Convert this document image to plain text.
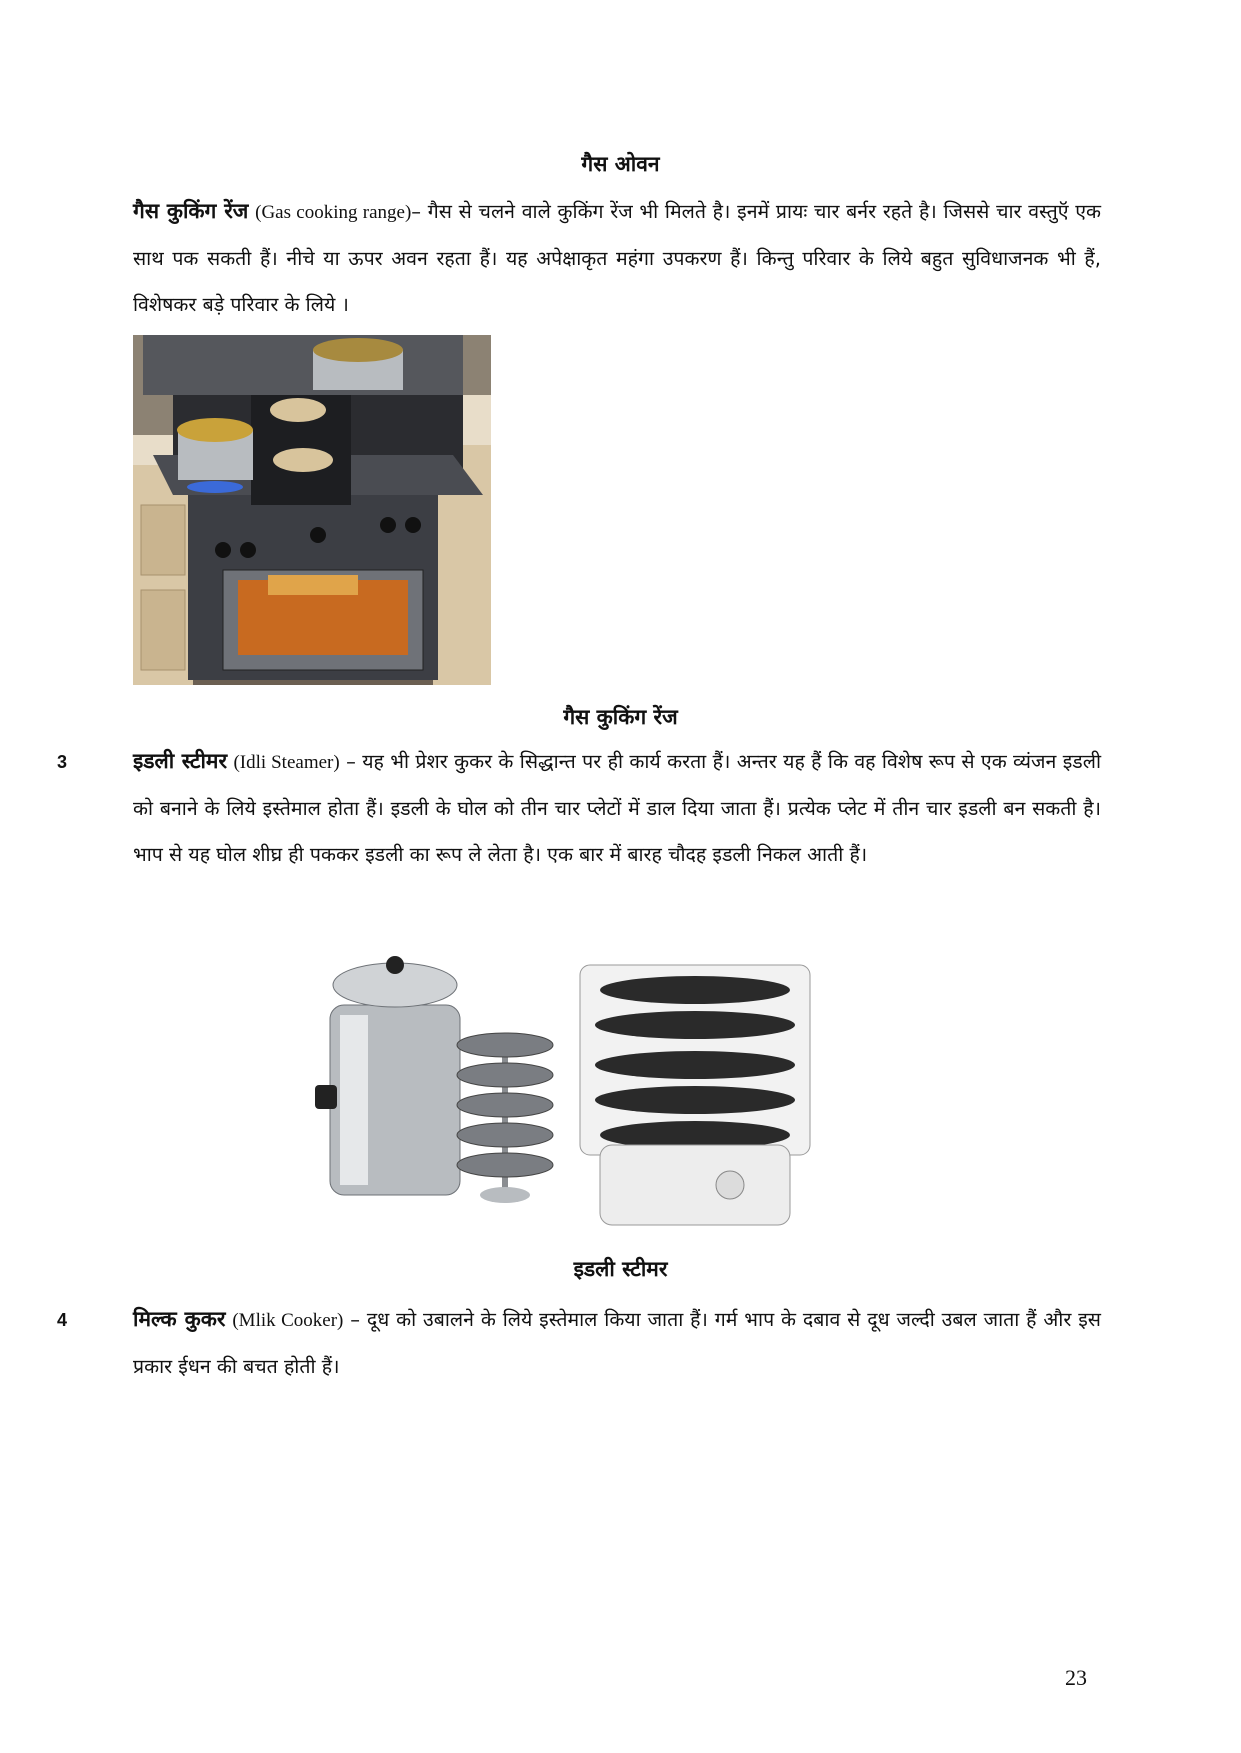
गैस ओवन
गैस कुकिंग रेंज (Gas cooking range)– गैस से चलने वाले कुकिंग रेंज भी मिलते है। इनमें प्रायः चार बर्नर रहते है। जिससे चार वस्तुऍ एक साथ पक सकती हैं। नीचे या ऊपर अवन रहता हैं। यह अपेक्षाकृत महंगा उपकरण हैं। किन्तु परिवार के लिये बहुत सुविधाजनक भी हैं, विशेषकर बड़े परिवार के लिये ।
गैस कुकिंग रेंज
3	इडली स्टीमर (Idli Steamer) – यह भी प्रेशर कुकर के सिद्धान्त पर ही कार्य करता हैं। अन्तर यह हैं कि वह विशेष रूप से एक व्यंजन इडली को बनाने के लिये इस्तेमाल होता हैं। इडली के घोल को तीन चार प्लेटों में डाल दिया जाता हैं। प्रत्येक प्लेट में तीन चार इडली बन सकती है। भाप से यह घोल शीघ्र ही पककर इडली का रूप ले लेता है। एक बार में बारह चौदह इडली निकल आती हैं।
इडली स्टीमर
4	मिल्क कुकर (Mlik Cooker) – दूध को उबालने के लिये इस्तेमाल किया जाता हैं। गर्म भाप के दबाव से दूध जल्दी उबल जाता हैं और इस प्रकार ईधन की बचत होती हैं।
23
